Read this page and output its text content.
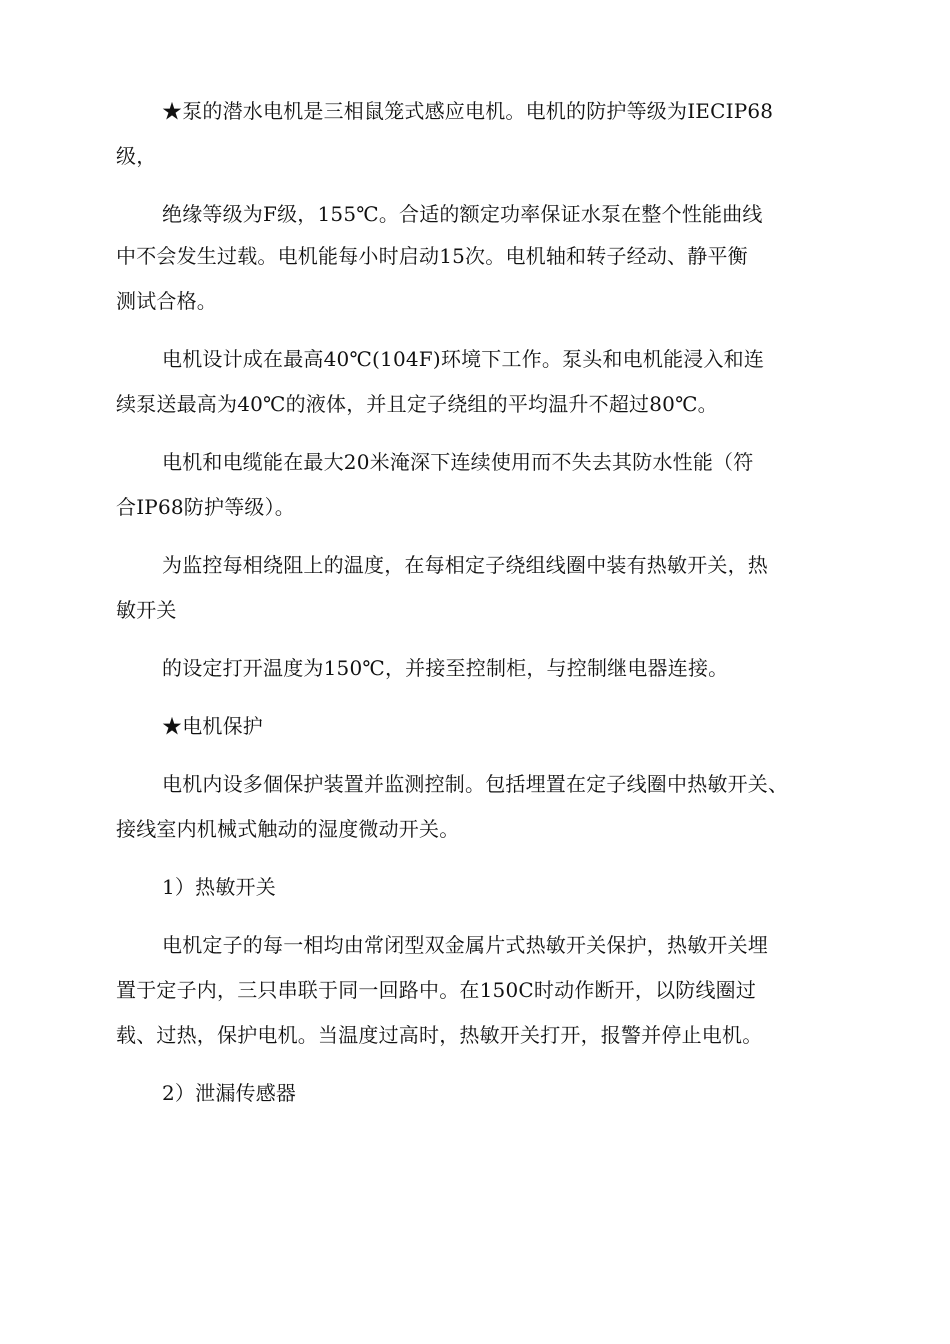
★泵的潜水电机是三相鼠笼式感应电机。电机的防护等级为IECIP68
级，
绝缘等级为F级，155℃。合适的额定功率保证水泵在整个性能曲线
中不会发生过载。电机能每小时启动15次。电机轴和转子经动、静平衡
测试合格。
电机设计成在最高40℃(104F)环境下工作。泵头和电机能浸入和连
续泵送最高为40℃的液体，并且定子绕组的平均温升不超过80℃。
电机和电缆能在最大20米淹深下连续使用而不失去其防水性能（符
合IP68防护等级）。
为监控每相绕阻上的温度，在每相定子绕组线圈中装有热敏开关，热
敏开关
的设定打开温度为150℃，并接至控制柜，与控制继电器连接。
★电机保护
电机内设多個保护装置并监测控制。包括埋置在定子线圈中热敏开关、
接线室内机械式触动的湿度微动开关。
1）热敏开关
电机定子的每一相均由常闭型双金属片式热敏开关保护，热敏开关埋
置于定子内，三只串联于同一回路中。在150C时动作断开，以防线圈过
载、过热，保护电机。当温度过高时，热敏开关打开，报警并停止电机。
2）泄漏传感器
